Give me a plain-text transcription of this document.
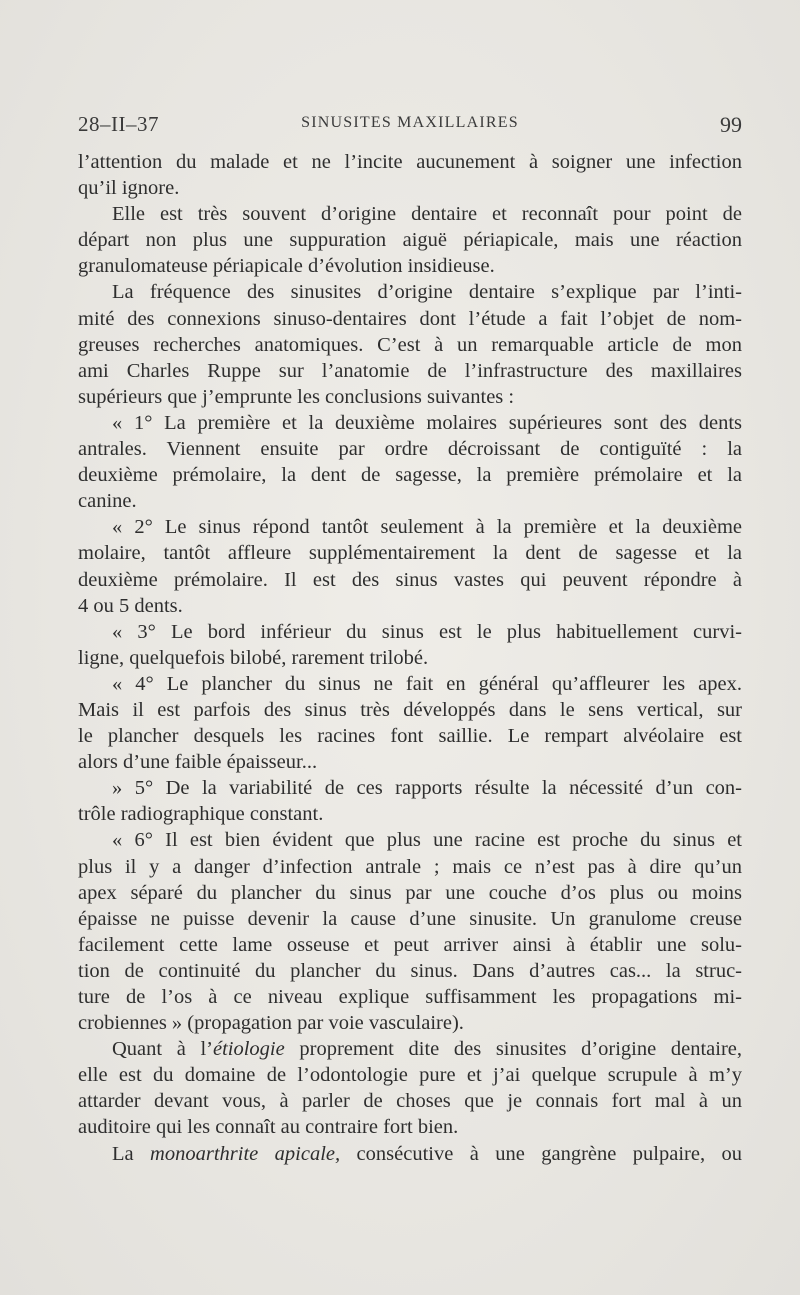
28–II–37	SINUSITES MAXILLAIRES	99
l’attention du malade et ne l’incite aucunement à soigner une infection
qu’il ignore.
Elle est très souvent d’origine dentaire et reconnaît pour point de
départ non plus une suppuration aiguë périapicale, mais une réaction
granulomateuse périapicale d’évolution insidieuse.
La fréquence des sinusites d’origine dentaire s’explique par l’inti-
mité des connexions sinuso-dentaires dont l’étude a fait l’objet de nom-
greuses recherches anatomiques. C’est à un remarquable article de mon
ami Charles Ruppe sur l’anatomie de l’infrastructure des maxillaires
supérieurs que j’emprunte les conclusions suivantes :
« 1° La première et la deuxième molaires supérieures sont des dents
antrales. Viennent ensuite par ordre décroissant de contiguïté : la
deuxième prémolaire, la dent de sagesse, la première prémolaire et la
canine.
« 2° Le sinus répond tantôt seulement à la première et la deuxième
molaire, tantôt affleure supplémentairement la dent de sagesse et la
deuxième prémolaire. Il est des sinus vastes qui peuvent répondre à
4 ou 5 dents.
« 3° Le bord inférieur du sinus est le plus habituellement curvi-
ligne, quelquefois bilobé, rarement trilobé.
« 4° Le plancher du sinus ne fait en général qu’affleurer les apex.
Mais il est parfois des sinus très développés dans le sens vertical, sur
le plancher desquels les racines font saillie. Le rempart alvéolaire est
alors d’une faible épaisseur...
» 5° De la variabilité de ces rapports résulte la nécessité d’un con-
trôle radiographique constant.
« 6° Il est bien évident que plus une racine est proche du sinus et
plus il y a danger d’infection antrale ; mais ce n’est pas à dire qu’un
apex séparé du plancher du sinus par une couche d’os plus ou moins
épaisse ne puisse devenir la cause d’une sinusite. Un granulome creuse
facilement cette lame osseuse et peut arriver ainsi à établir une solu-
tion de continuité du plancher du sinus. Dans d’autres cas... la struc-
ture de l’os à ce niveau explique suffisamment les propagations mi-
crobiennes » (propagation par voie vasculaire).
Quant à l’étiologie proprement dite des sinusites d’origine dentaire,
elle est du domaine de l’odontologie pure et j’ai quelque scrupule à m’y
attarder devant vous, à parler de choses que je connais fort mal à un
auditoire qui les connaît au contraire fort bien.
La monoarthrite apicale, consécutive à une gangrène pulpaire, ou
